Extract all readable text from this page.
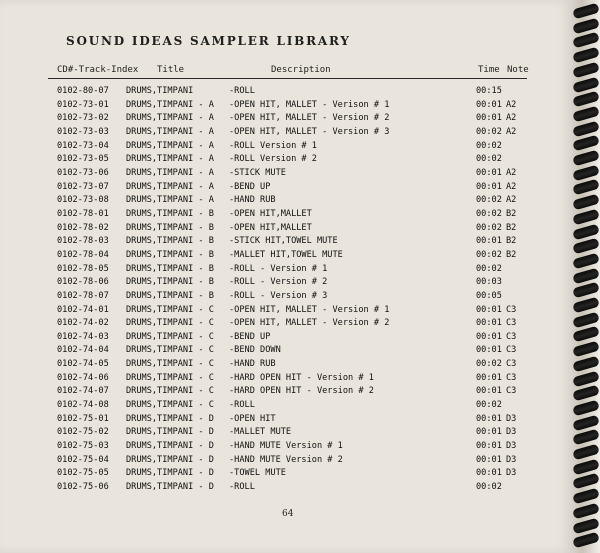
SOUND IDEAS SAMPLER LIBRARY
CD#-Track-Index Title	Description	Time Note
0102-80-07 DRUMS,TIMPANI	-ROLL	00:15
0102-73-01 DRUMS,TIMPANI - A -OPEN HIT, MALLET - Verison # 1	00:01 A2
0102-73-02 DRUMS,TIMPANI - A -OPEN HIT, MALLET - Version # 2	00:01 A2
0102-73-03 DRUMS,TIMPANI - A -OPEN HIT, MALLET - Version # 3	00:02 A2
0102-73-04 DRUMS,TIMPANI - A -ROLL Version # 1	00:02
0102-73-05 DRUMS,TIMPANI - A -ROLL Version # 2	00:02
0102-73-06 DRUMS,TIMPANI - A -STICK MUTE	00:01 A2
0102-73-07 DRUMS,TIMPANI - A -BEND UP	00:01 A2
0102-73-08 DRUMS,TIMPANI - A -HAND RUB	00:02 A2
0102-78-01 DRUMS,TIMPANI - B -OPEN HIT,MALLET	00:02 B2
0102-78-02 DRUMS,TIMPANI - B -OPEN HIT,MALLET	00:02 B2
0102-78-03 DRUMS,TIMPANI - B -STICK HIT,TOWEL MUTE	00:01 B2
0102-78-04 DRUMS,TIMPANI - B -MALLET HIT,TOWEL MUTE	00:02 B2
0102-78-05 DRUMS,TIMPANI - B -ROLL - Version # 1	00:02
0102-78-06 DRUMS,TIMPANI - B -ROLL - Version # 2	00:03
0102-78-07 DRUMS,TIMPANI - B -ROLL - Version # 3	00:05
0102-74-01 DRUMS,TIMPANI - C -OPEN HIT, MALLET - Version # 1	00:01 C3
0102-74-02 DRUMS,TIMPANI - C -OPEN HIT, MALLET - Version # 2	00:01 C3
0102-74-03 DRUMS,TIMPANI - C -BEND UP	00:01 C3
0102-74-04 DRUMS,TIMPANI - C -BEND DOWN	00:01 C3
0102-74-05 DRUMS,TIMPANI - C -HAND RUB	00:02 C3
0102-74-06 DRUMS,TIMPANI - C -HARD OPEN HIT - Version # 1	00:01 C3
0102-74-07 DRUMS,TIMPANI - C -HARD OPEN HIT - Version # 2	00:01 C3
0102-74-08 DRUMS,TIMPANI - C -ROLL	00:02
0102-75-01 DRUMS,TIMPANI - D -OPEN HIT	00:01 D3
0102-75-02 DRUMS,TIMPANI - D -MALLET MUTE	00:01 D3
0102-75-03 DRUMS,TIMPANI - D -HAND MUTE Version # 1	00:01 D3
0102-75-04 DRUMS,TIMPANI - D -HAND MUTE Version # 2	00:01 D3
0102-75-05 DRUMS,TIMPANI - D -TOWEL MUTE	00:01 D3
0102-75-06 DRUMS,TIMPANI - D -ROLL	00:02
64
